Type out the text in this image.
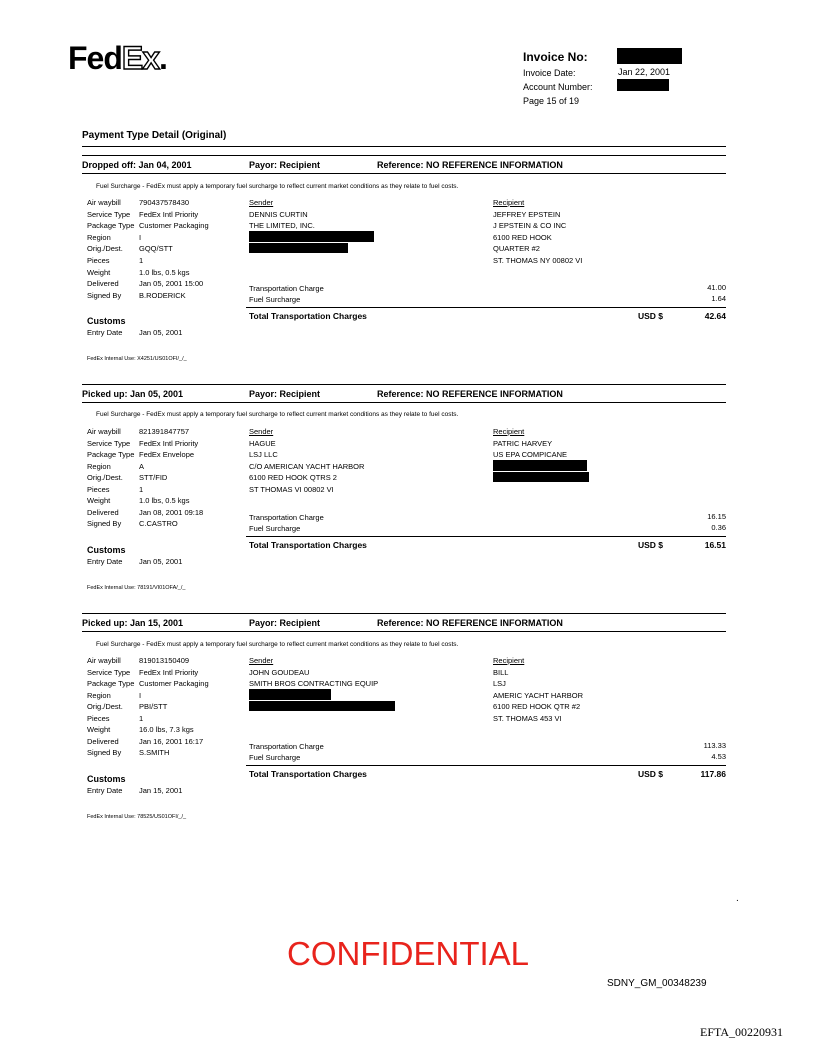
FedEx.	Invoice No:
Invoice Date:	Jan 22, 2001
Account Number:
Page 15 of 19
Payment Type Detail (Original)
Dropped off: Jan 04, 2001	Payor: Recipient	Reference: NO REFERENCE INFORMATION
Fuel Surcharge - FedEx must apply a temporary fuel surcharge to reflect current market conditions as they relate to fuel costs.
Air waybill 790437578430
Service Type FedEx Intl Priority
Package Type Customer Packaging
Region	I
Orig./Dest. GQQ/STT
Pieces	1
Weight	1.0 lbs, 0.5 kgs
Delivered	Jan 05, 2001 15:00
Signed By B.RODERICK
Sender
DENNIS CURTIN
THE LIMITED, INC.
Recipient
JEFFREY EPSTEIN
J EPSTEIN & CO INC
6100 RED HOOK
QUARTER #2
ST. THOMAS NY 00802 VI
Transportation Charge	41.00
Fuel Surcharge	1.64
Total Transportation Charges	USD $	42.64
Customs
Entry Date Jan 05, 2001
FedEx Internal Use: X4251/US01OFI/_/_
Picked up: Jan 05, 2001	Payor: Recipient	Reference: NO REFERENCE INFORMATION
Fuel Surcharge - FedEx must apply a temporary fuel surcharge to reflect current market conditions as they relate to fuel costs.
Air waybill 821391847757
Service Type FedEx Intl Priority
Package Type FedEx Envelope
Region	A
Orig./Dest. STT/FID
Pieces	1
Weight	1.0 lbs, 0.5 kgs
Delivered	Jan 08, 2001 09:18
Signed By C.CASTRO
Sender
HAGUE
LSJ LLC
C/O AMERICAN YACHT HARBOR
6100 RED HOOK QTRS 2
ST THOMAS VI 00802 VI
Recipient
PATRIC HARVEY
US EPA COMPICANE
Transportation Charge	16.15
Fuel Surcharge	0.36
Total Transportation Charges	USD $	16.51
Customs
Entry Date Jan 05, 2001
FedEx Internal Use: 78191/VI01OFA/_/_
Picked up: Jan 15, 2001	Payor: Recipient	Reference: NO REFERENCE INFORMATION
Fuel Surcharge - FedEx must apply a temporary fuel surcharge to reflect current market conditions as they relate to fuel costs.
Air waybill 819013150409
Service Type FedEx Intl Priority
Package Type Customer Packaging
Region	I
Orig./Dest. PBI/STT
Pieces	1
Weight	16.0 lbs, 7.3 kgs
Delivered	Jan 16, 2001 16:17
Signed By S.SMITH
Sender
JOHN GOUDEAU
SMITH BROS CONTRACTING EQUIP
Recipient
BILL
LSJ
AMERIC YACHT HARBOR
6100 RED HOOK QTR #2
ST. THOMAS 453 VI
Transportation Charge	113.33
Fuel Surcharge	4.53
Total Transportation Charges	USD $	117.86
Customs
Entry Date Jan 15, 2001
FedEx Internal Use: 78525/US01OFI/_/_
.
CONFIDENTIAL
SDNY_GM_00348239
EFTA_00220931
